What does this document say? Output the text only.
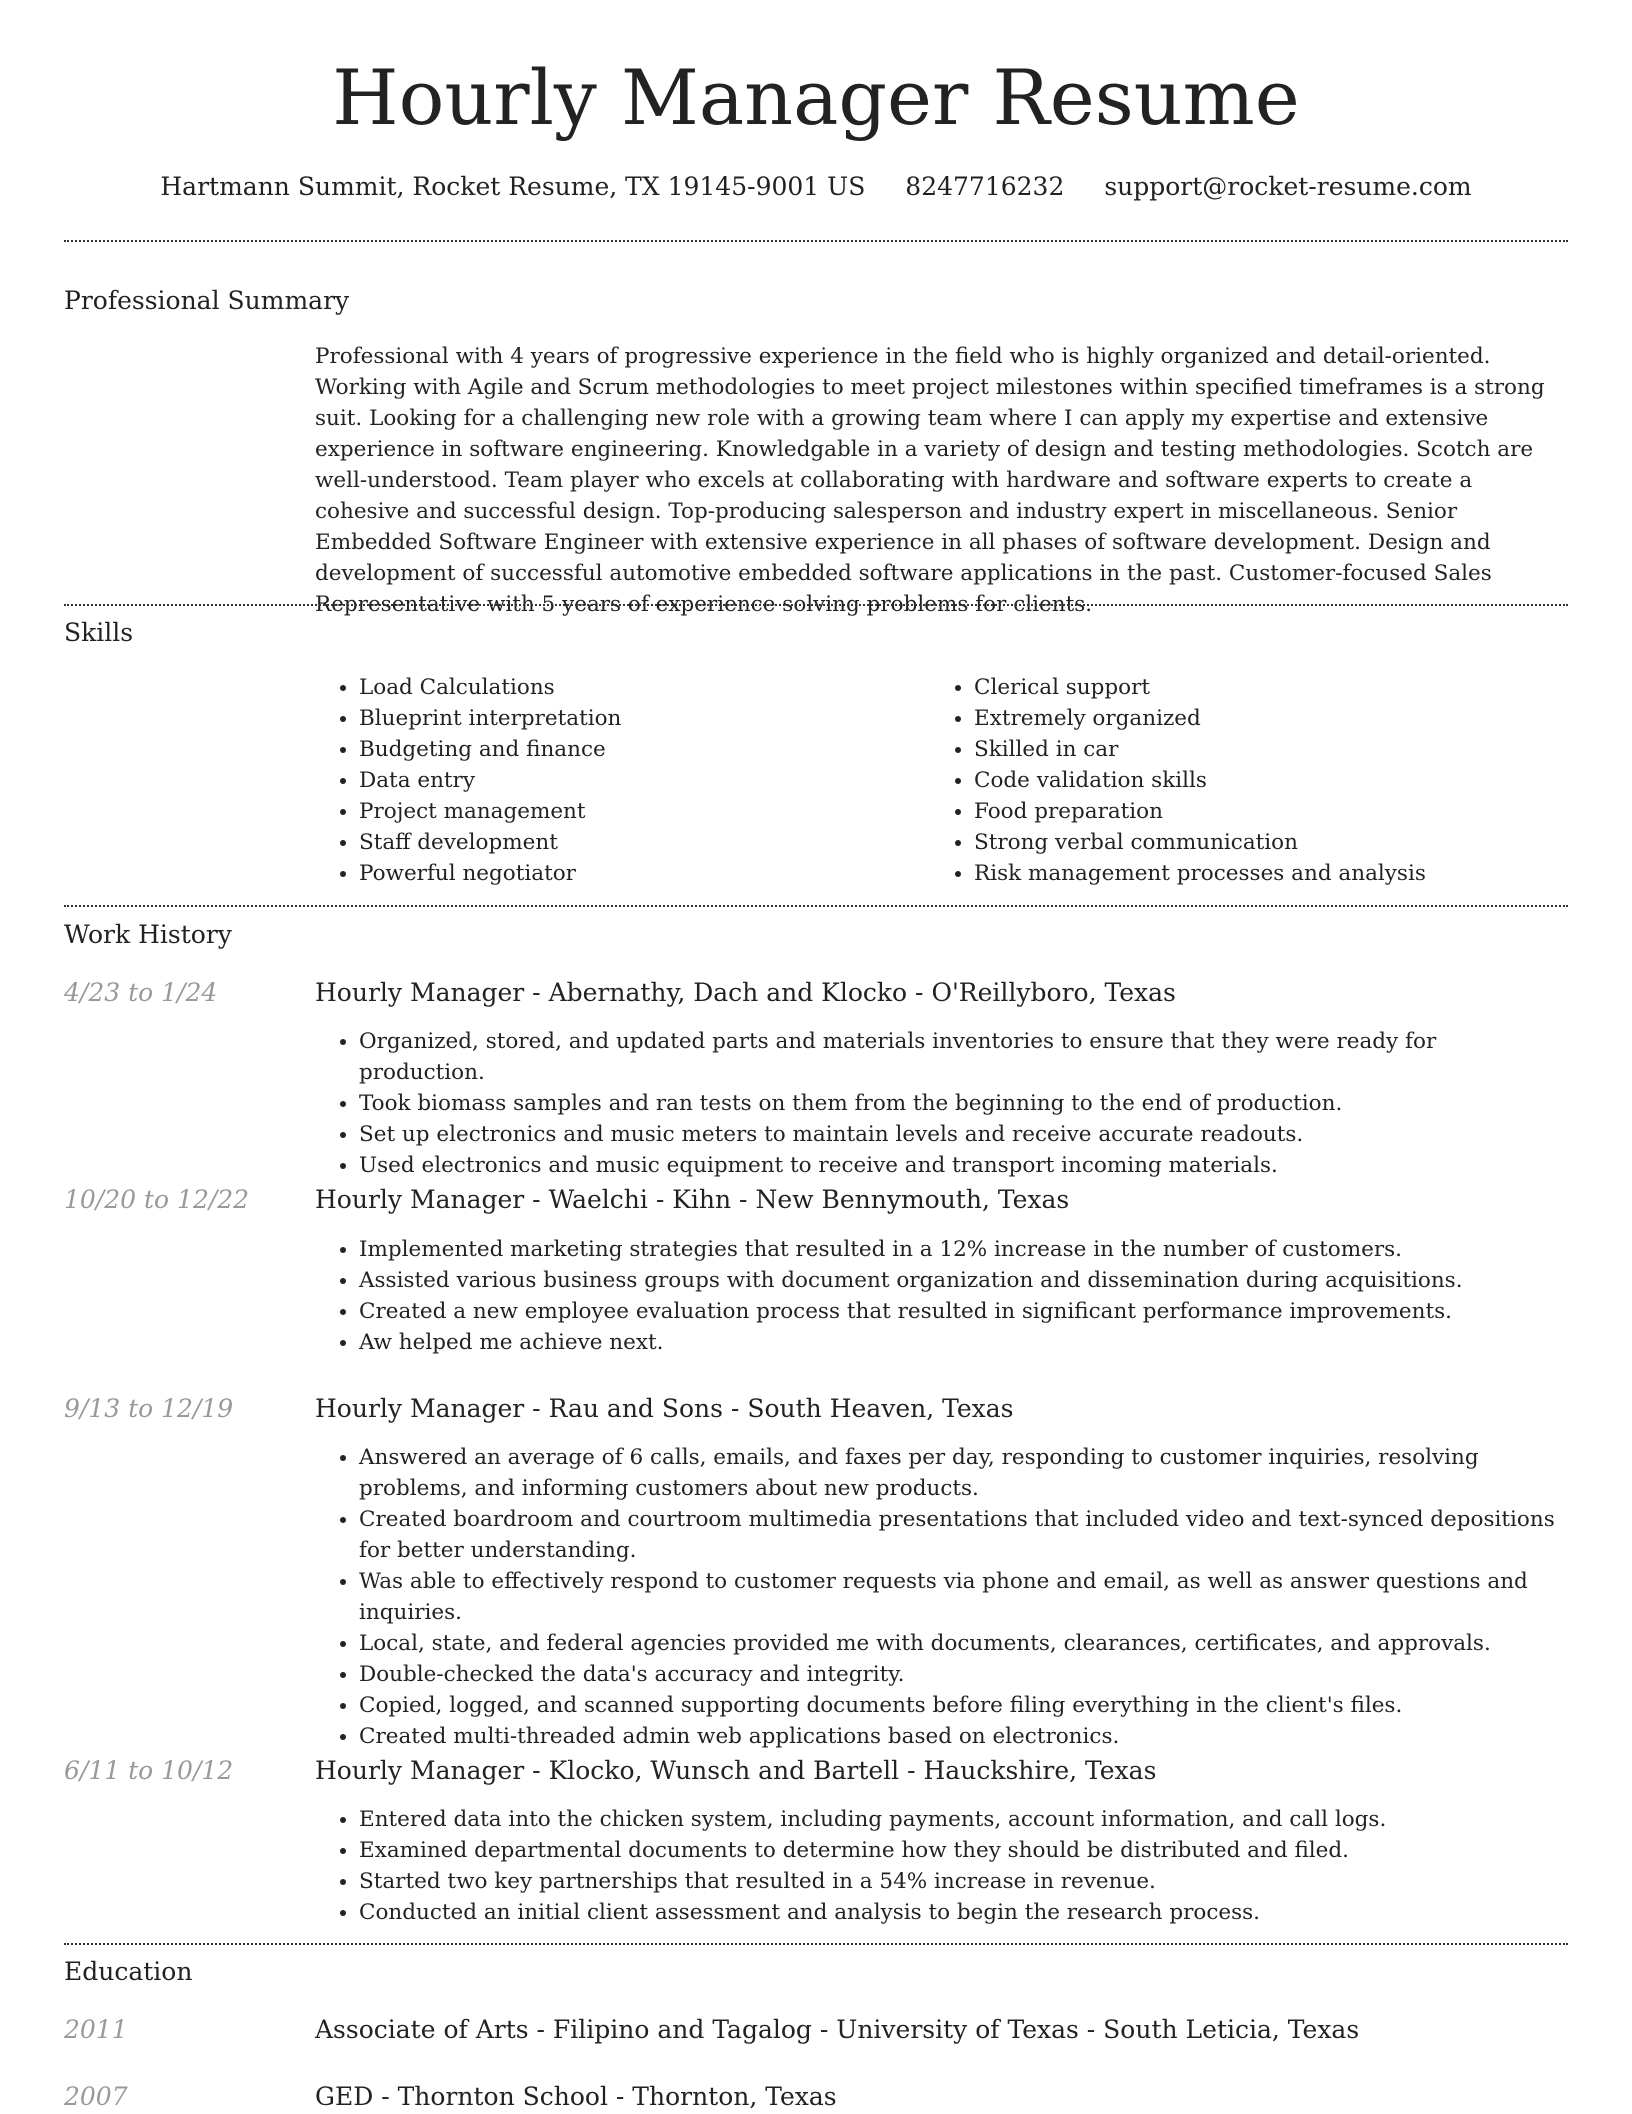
Hourly Manager Resume
Hartmann Summit, Rocket Resume, TX 19145-9001 US 8247716232 support@rocket-resume.com
Professional Summary
Professional with 4 years of progressive experience in the field who is highly organized and detail-oriented. Working with Agile and Scrum methodologies to meet project milestones within specified timeframes is a strong suit. Looking for a challenging new role with a growing team where I can apply my expertise and extensive experience in software engineering. Knowledgable in a variety of design and testing methodologies. Scotch are well-understood. Team player who excels at collaborating with hardware and software experts to create a cohesive and successful design. Top-producing salesperson and industry expert in miscellaneous. Senior Embedded Software Engineer with extensive experience in all phases of software development. Design and development of successful automotive embedded software applications in the past. Customer-focused Sales Representative with 5 years of experience solving problems for clients.
Skills
• Load Calculations
• Blueprint interpretation
• Budgeting and finance
• Data entry
• Project management
• Staff development
• Powerful negotiator
• Clerical support
• Extremely organized
• Skilled in car
• Code validation skills
• Food preparation
• Strong verbal communication
• Risk management processes and analysis
Work History
4/23 to 1/24	Hourly Manager - Abernathy, Dach and Klocko - O'Reillyboro, Texas
• Organized, stored, and updated parts and materials inventories to ensure that they were ready for production.
• Took biomass samples and ran tests on them from the beginning to the end of production.
• Set up electronics and music meters to maintain levels and receive accurate readouts.
• Used electronics and music equipment to receive and transport incoming materials.
10/20 to 12/22	Hourly Manager - Waelchi - Kihn - New Bennymouth, Texas
• Implemented marketing strategies that resulted in a 12% increase in the number of customers.
• Assisted various business groups with document organization and dissemination during acquisitions.
• Created a new employee evaluation process that resulted in significant performance improvements.
• Aw helped me achieve next.
9/13 to 12/19	Hourly Manager - Rau and Sons - South Heaven, Texas
• Answered an average of 6 calls, emails, and faxes per day, responding to customer inquiries, resolving problems, and informing customers about new products.
• Created boardroom and courtroom multimedia presentations that included video and text-synced depositions for better understanding.
• Was able to effectively respond to customer requests via phone and email, as well as answer questions and inquiries.
• Local, state, and federal agencies provided me with documents, clearances, certificates, and approvals.
• Double-checked the data's accuracy and integrity.
• Copied, logged, and scanned supporting documents before filing everything in the client's files.
• Created multi-threaded admin web applications based on electronics.
6/11 to 10/12	Hourly Manager - Klocko, Wunsch and Bartell - Hauckshire, Texas
• Entered data into the chicken system, including payments, account information, and call logs.
• Examined departmental documents to determine how they should be distributed and filed.
• Started two key partnerships that resulted in a 54% increase in revenue.
• Conducted an initial client assessment and analysis to begin the research process.
Education
2011	Associate of Arts - Filipino and Tagalog - University of Texas - South Leticia, Texas
2007	GED - Thornton School - Thornton, Texas
